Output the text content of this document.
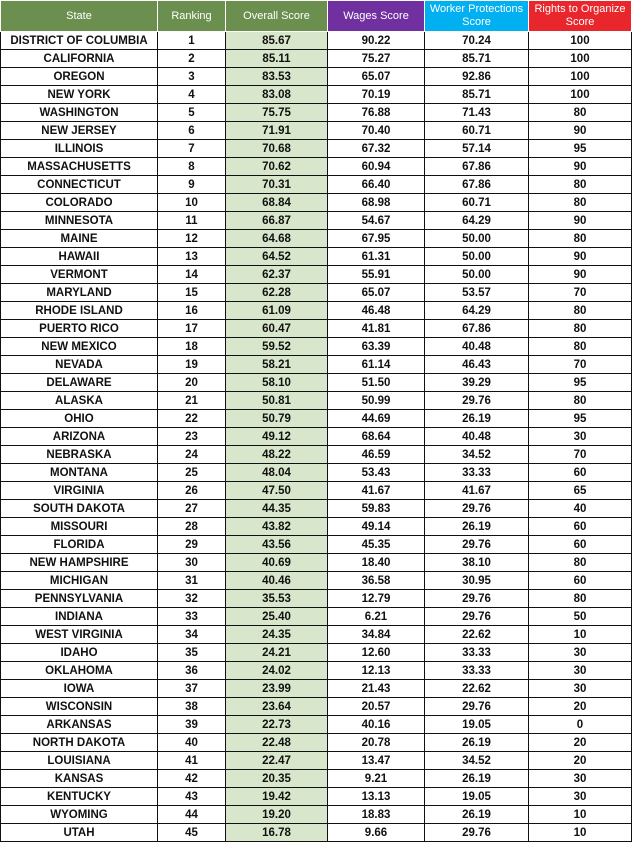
State	Ranking	Overall Score	Wages Score	Worker Protections Score	Rights to Organize Score
DISTRICT OF COLUMBIA	1	85.67	90.22	70.24	100
CALIFORNIA	2	85.11	75.27	85.71	100
OREGON	3	83.53	65.07	92.86	100
NEW YORK	4	83.08	70.19	85.71	100
WASHINGTON	5	75.75	76.88	71.43	80
NEW JERSEY	6	71.91	70.40	60.71	90
ILLINOIS	7	70.68	67.32	57.14	95
MASSACHUSETTS	8	70.62	60.94	67.86	90
CONNECTICUT	9	70.31	66.40	67.86	80
COLORADO	10	68.84	68.98	60.71	80
MINNESOTA	11	66.87	54.67	64.29	90
MAINE	12	64.68	67.95	50.00	80
HAWAII	13	64.52	61.31	50.00	90
VERMONT	14	62.37	55.91	50.00	90
MARYLAND	15	62.28	65.07	53.57	70
RHODE ISLAND	16	61.09	46.48	64.29	80
PUERTO RICO	17	60.47	41.81	67.86	80
NEW MEXICO	18	59.52	63.39	40.48	80
NEVADA	19	58.21	61.14	46.43	70
DELAWARE	20	58.10	51.50	39.29	95
ALASKA	21	50.81	50.99	29.76	80
OHIO	22	50.79	44.69	26.19	95
ARIZONA	23	49.12	68.64	40.48	30
NEBRASKA	24	48.22	46.59	34.52	70
MONTANA	25	48.04	53.43	33.33	60
VIRGINIA	26	47.50	41.67	41.67	65
SOUTH DAKOTA	27	44.35	59.83	29.76	40
MISSOURI	28	43.82	49.14	26.19	60
FLORIDA	29	43.56	45.35	29.76	60
NEW HAMPSHIRE	30	40.69	18.40	38.10	80
MICHIGAN	31	40.46	36.58	30.95	60
PENNSYLVANIA	32	35.53	12.79	29.76	80
INDIANA	33	25.40	6.21	29.76	50
WEST VIRGINIA	34	24.35	34.84	22.62	10
IDAHO	35	24.21	12.60	33.33	30
OKLAHOMA	36	24.02	12.13	33.33	30
IOWA	37	23.99	21.43	22.62	30
WISCONSIN	38	23.64	20.57	29.76	20
ARKANSAS	39	22.73	40.16	19.05	0
NORTH DAKOTA	40	22.48	20.78	26.19	20
LOUISIANA	41	22.47	13.47	34.52	20
KANSAS	42	20.35	9.21	26.19	30
KENTUCKY	43	19.42	13.13	19.05	30
WYOMING	44	19.20	18.83	26.19	10
UTAH	45	16.78	9.66	29.76	10
